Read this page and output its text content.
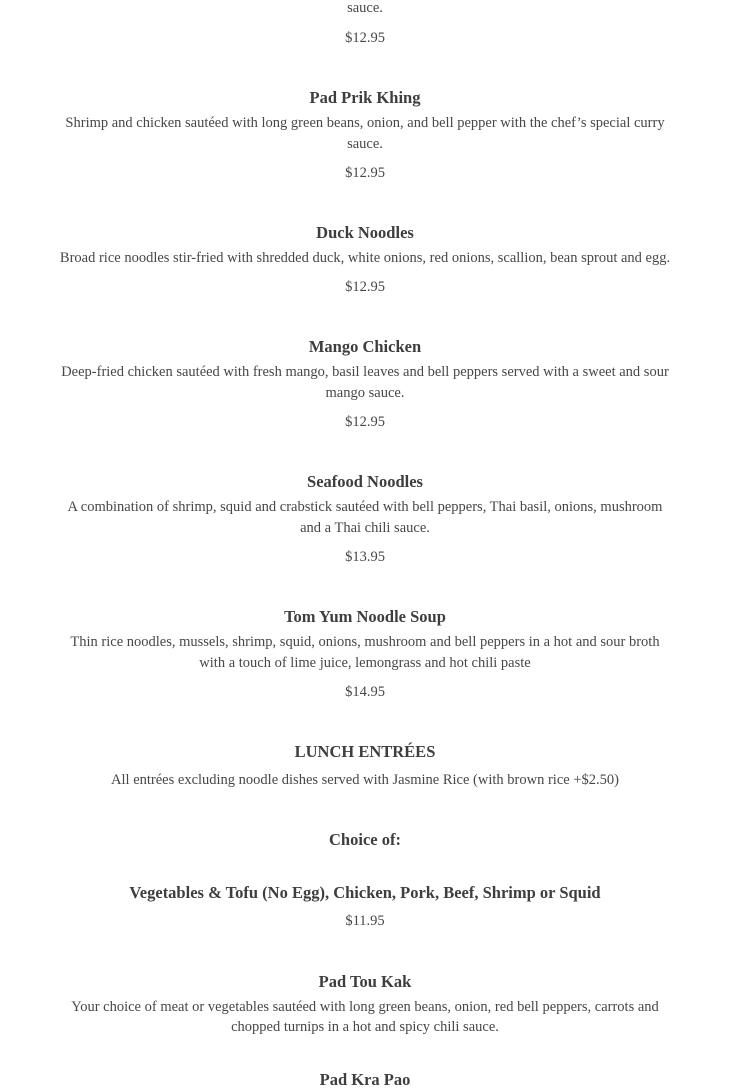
sauce.
$12.95
Pad Prik Khing
Shrimp and chicken sautéed with long green beans, onion, and bell pepper with the chef’s special curry
sauce.
$12.95
Duck Noodles
Broad rice noodles stir-fried with shredded duck, white onions, red onions, scallion, bean sprout and egg.
$12.95
Mango Chicken
Deep-fried chicken sautéed with fresh mango, basil leaves and bell peppers served with a sweet and sour
mango sauce.
$12.95
Seafood Noodles
A combination of shrimp, squid and crabstick sautéed with bell peppers, Thai basil, onions, mushroom
and a Thai chili sauce.
$13.95
Tom Yum Noodle Soup
Thin rice noodles, mussels, shrimp, squid, onions, mushroom and bell peppers in a hot and sour broth
with a touch of lime juice, lemongrass and hot chili paste
$14.95
LUNCH ENTRÉES
All entrées excluding noodle dishes served with Jasmine Rice (with brown rice +$2.50)
Choice of:
Vegetables & Tofu (No Egg), Chicken, Pork, Beef, Shrimp or Squid
$11.95
Pad Tou Kak
Your choice of meat or vegetables sautéed with long green beans, onion, red bell peppers, carrots and
chopped turnips in a hot and spicy chili sauce.
Pad Kra Pao
